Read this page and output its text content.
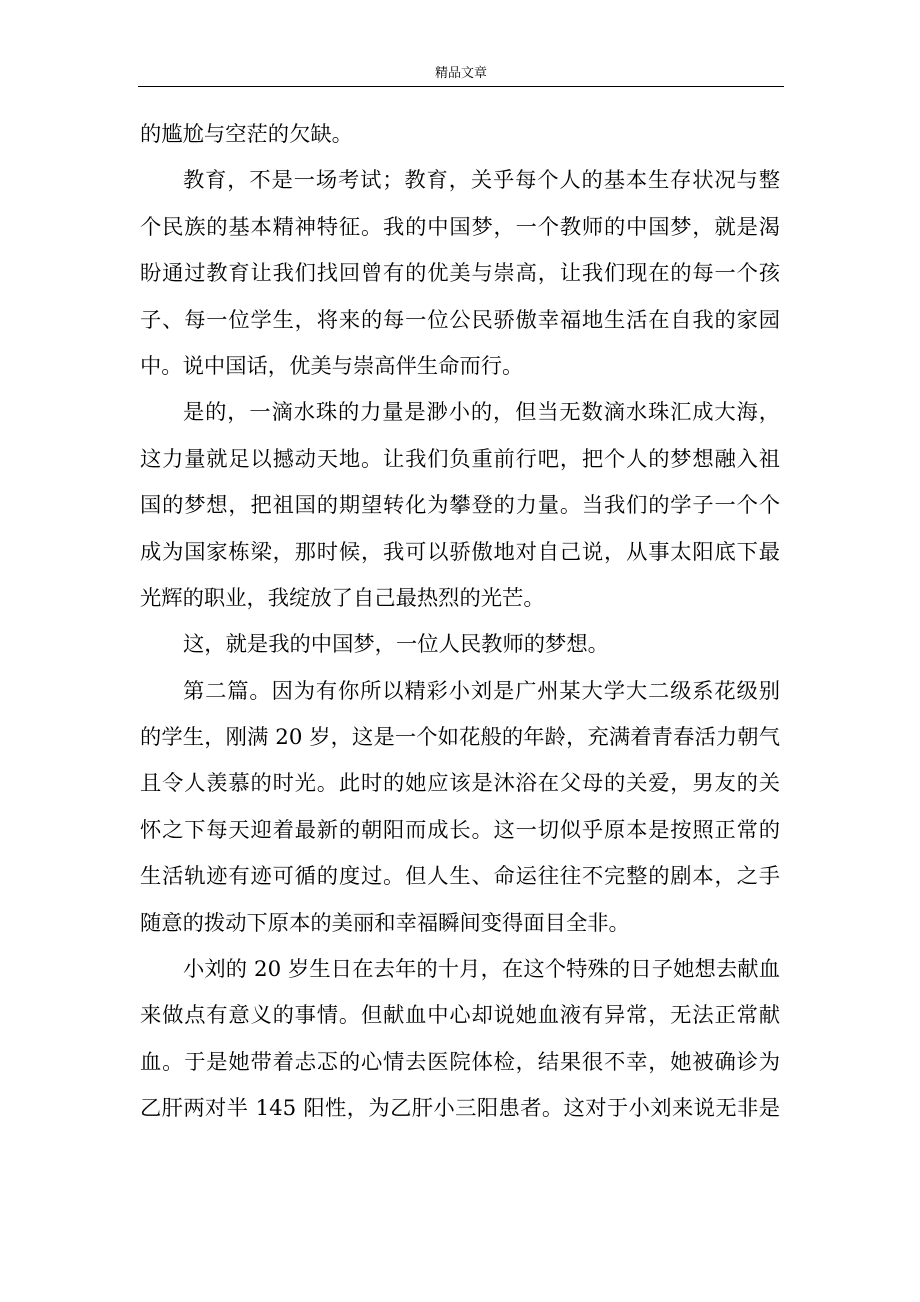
精品文章
的尴尬与空茫的欠缺。
教育，不是一场考试；教育，关乎每个人的基本生存状况与整
个民族的基本精神特征。我的中国梦，一个教师的中国梦，就是渴
盼通过教育让我们找回曾有的优美与崇高，让我们现在的每一个孩
子、每一位学生，将来的每一位公民骄傲幸福地生活在自我的家园
中。说中国话，优美与崇高伴生命而行。
是的，一滴水珠的力量是渺小的，但当无数滴水珠汇成大海，
这力量就足以撼动天地。让我们负重前行吧，把个人的梦想融入祖
国的梦想，把祖国的期望转化为攀登的力量。当我们的学子一个个
成为国家栋梁，那时候，我可以骄傲地对自己说，从事太阳底下最
光辉的职业，我绽放了自己最热烈的光芒。
这，就是我的中国梦，一位人民教师的梦想。
第二篇。因为有你所以精彩小刘是广州某大学大二级系花级别
的学生，刚满 20 岁，这是一个如花般的年龄，充满着青春活力朝气
且令人羡慕的时光。此时的她应该是沐浴在父母的关爱，男友的关
怀之下每天迎着最新的朝阳而成长。这一切似乎原本是按照正常的
生活轨迹有迹可循的度过。但人生、命运往往不完整的剧本，之手
随意的拨动下原本的美丽和幸福瞬间变得面目全非。
小刘的 20 岁生日在去年的十月，在这个特殊的日子她想去献血
来做点有意义的事情。但献血中心却说她血液有异常，无法正常献
血。于是她带着忐忑的心情去医院体检，结果很不幸，她被确诊为
乙肝两对半 145 阳性，为乙肝小三阳患者。这对于小刘来说无非是
